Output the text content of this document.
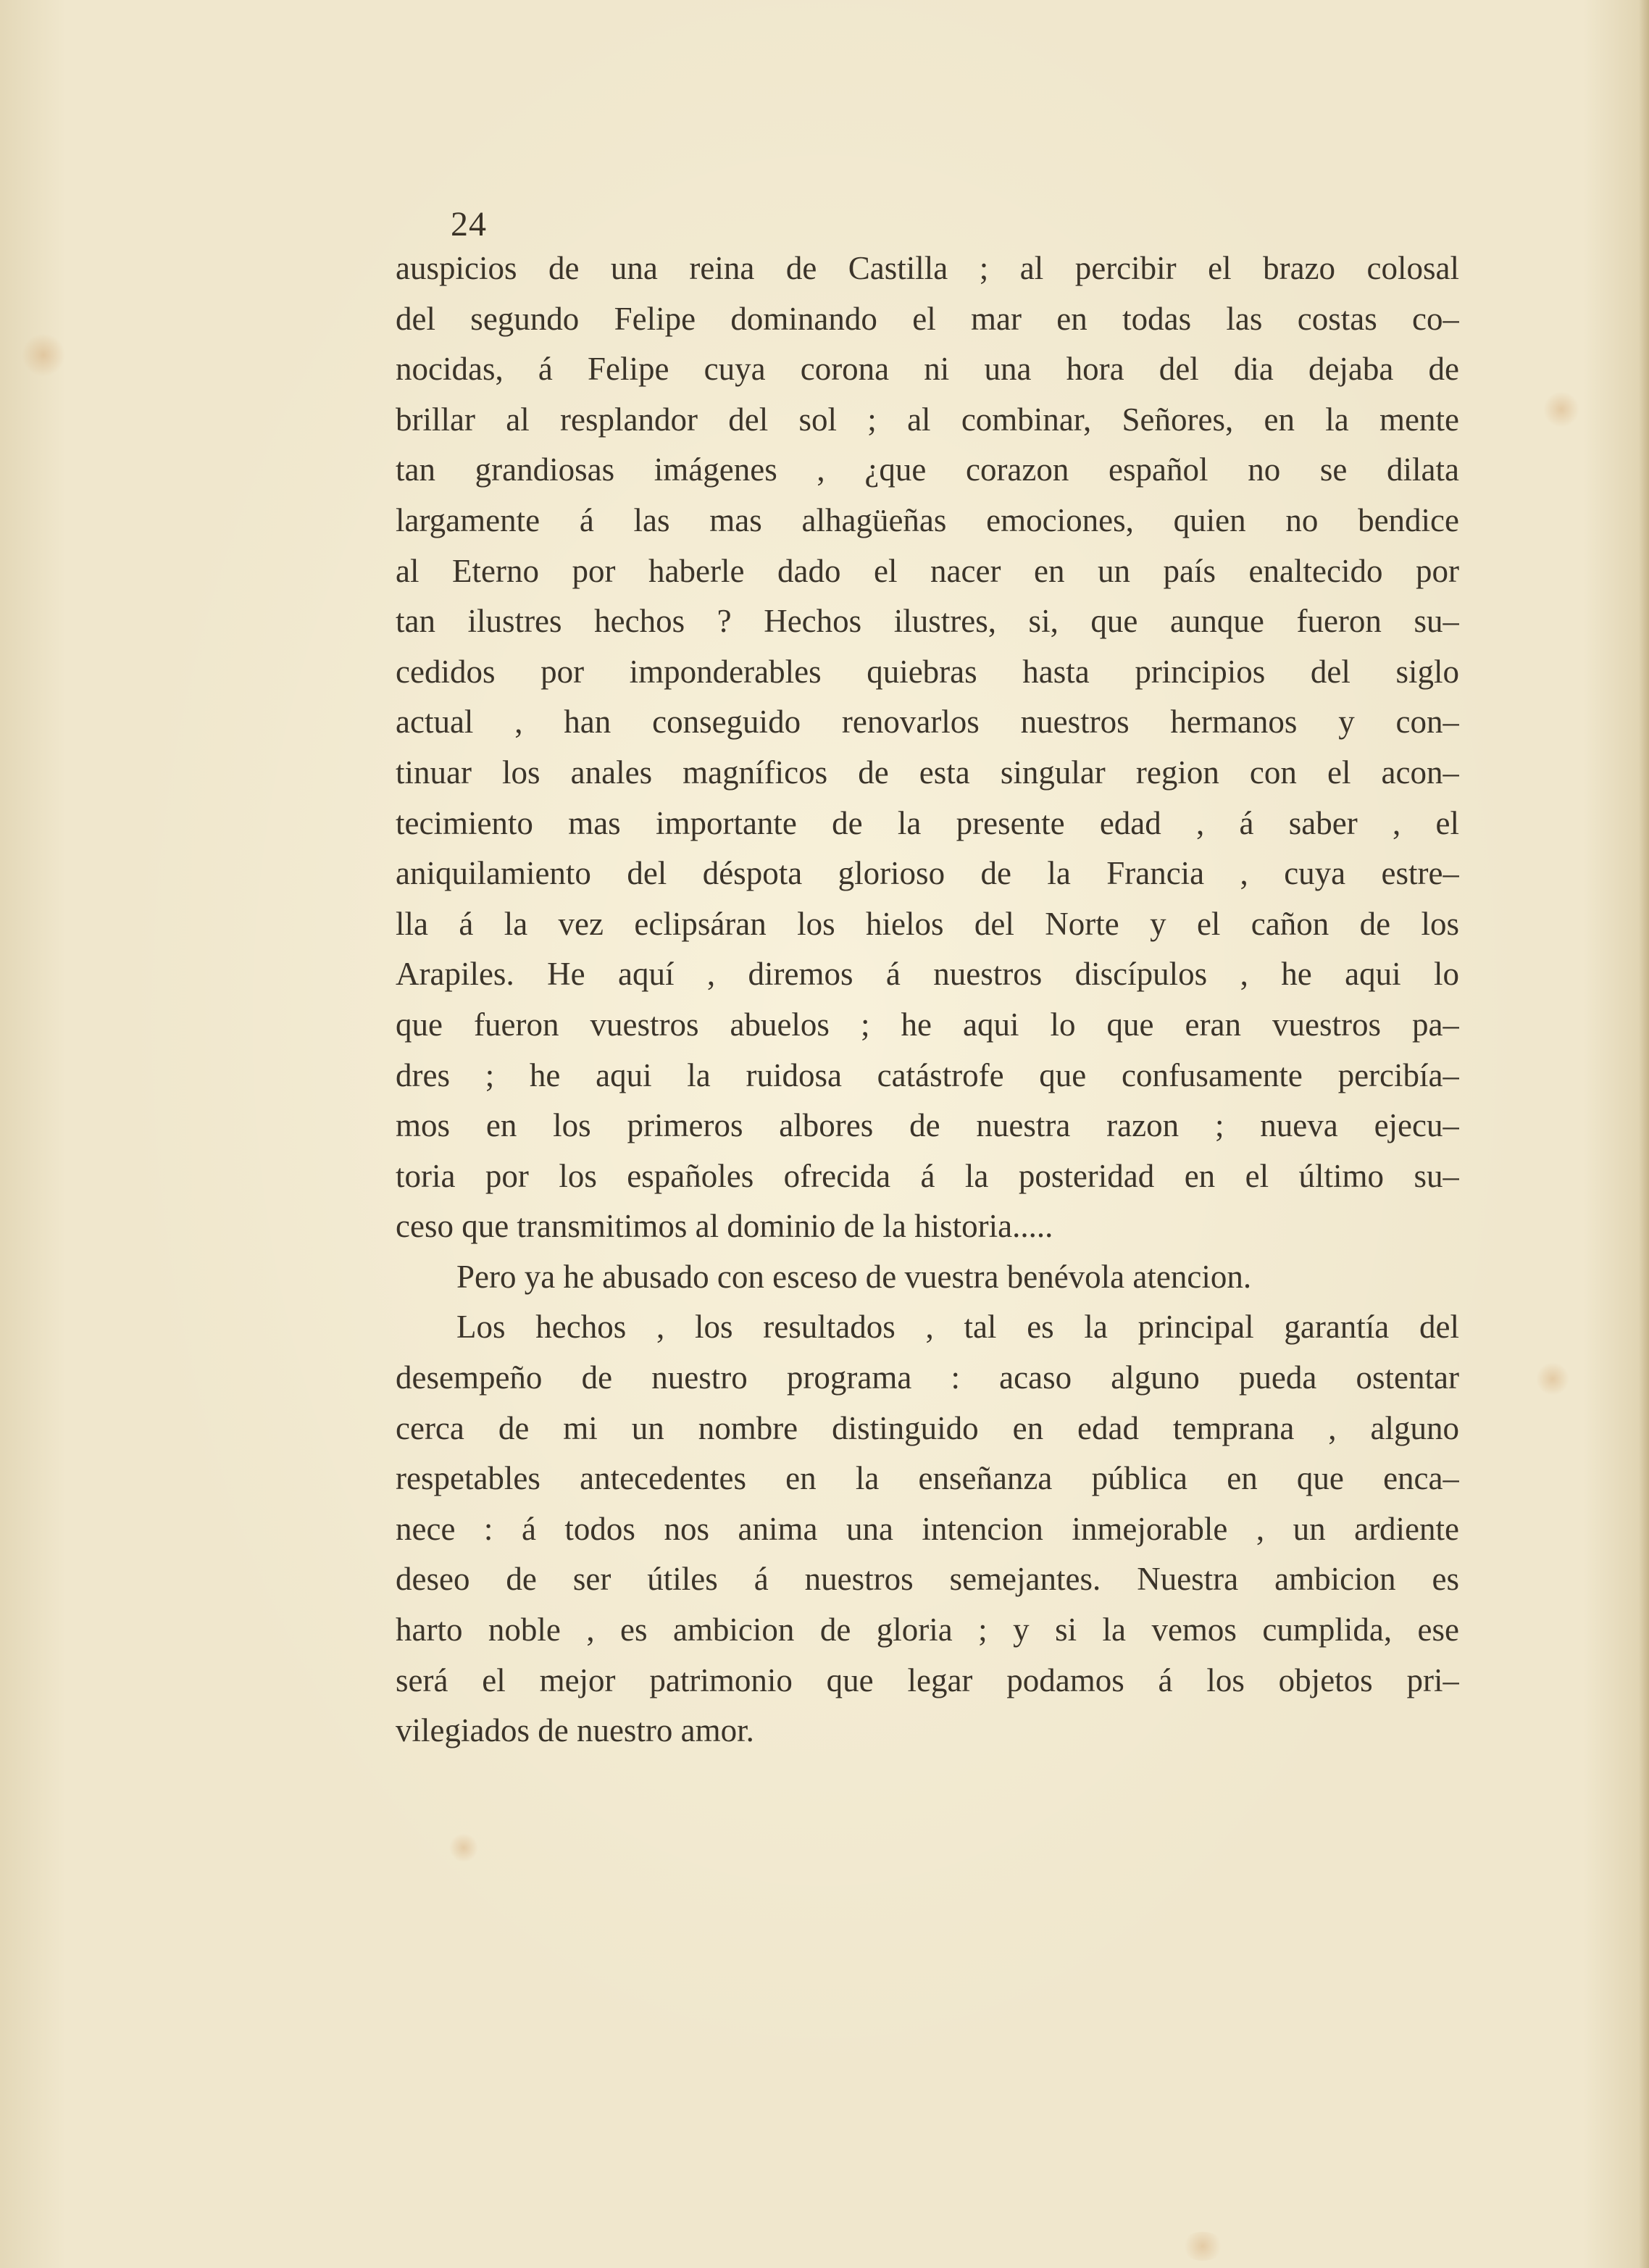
24
auspicios de una reina de Castilla ; al percibir el brazo colosal
del segundo Felipe dominando el mar en todas las costas co–
nocidas, á Felipe cuya corona ni una hora del dia dejaba de
brillar al resplandor del sol ; al combinar, Señores, en la mente
tan grandiosas imágenes , ¿que corazon español no se dilata
largamente á las mas alhagüeñas emociones, quien no bendice
al Eterno por haberle dado el nacer en un país enaltecido por
tan ilustres hechos ? Hechos ilustres, si, que aunque fueron su–
cedidos por imponderables quiebras hasta principios del siglo
actual , han conseguido renovarlos nuestros hermanos y con–
tinuar los anales magníficos de esta singular region con el acon–
tecimiento mas importante de la presente edad , á saber , el
aniquilamiento del déspota glorioso de la Francia , cuya estre–
lla á la vez eclipsáran los hielos del Norte y el cañon de los
Arapiles. He aquí , diremos á nuestros discípulos , he aqui lo
que fueron vuestros abuelos ; he aqui lo que eran vuestros pa–
dres ; he aqui la ruidosa catástrofe que confusamente percibía–
mos en los primeros albores de nuestra razon ; nueva ejecu–
toria por los españoles ofrecida á la posteridad en el último su–
ceso que transmitimos al dominio de la historia.....
Pero ya he abusado con esceso de vuestra benévola atencion.
Los hechos , los resultados , tal es la principal garantía del
desempeño de nuestro programa : acaso alguno pueda ostentar
cerca de mi un nombre distinguido en edad temprana , alguno
respetables antecedentes en la enseñanza pública en que enca–
nece : á todos nos anima una intencion inmejorable , un ardiente
deseo de ser útiles á nuestros semejantes. Nuestra ambicion es
harto noble , es ambicion de gloria ; y si la vemos cumplida, ese
será el mejor patrimonio que legar podamos á los objetos pri–
vilegiados de nuestro amor.
